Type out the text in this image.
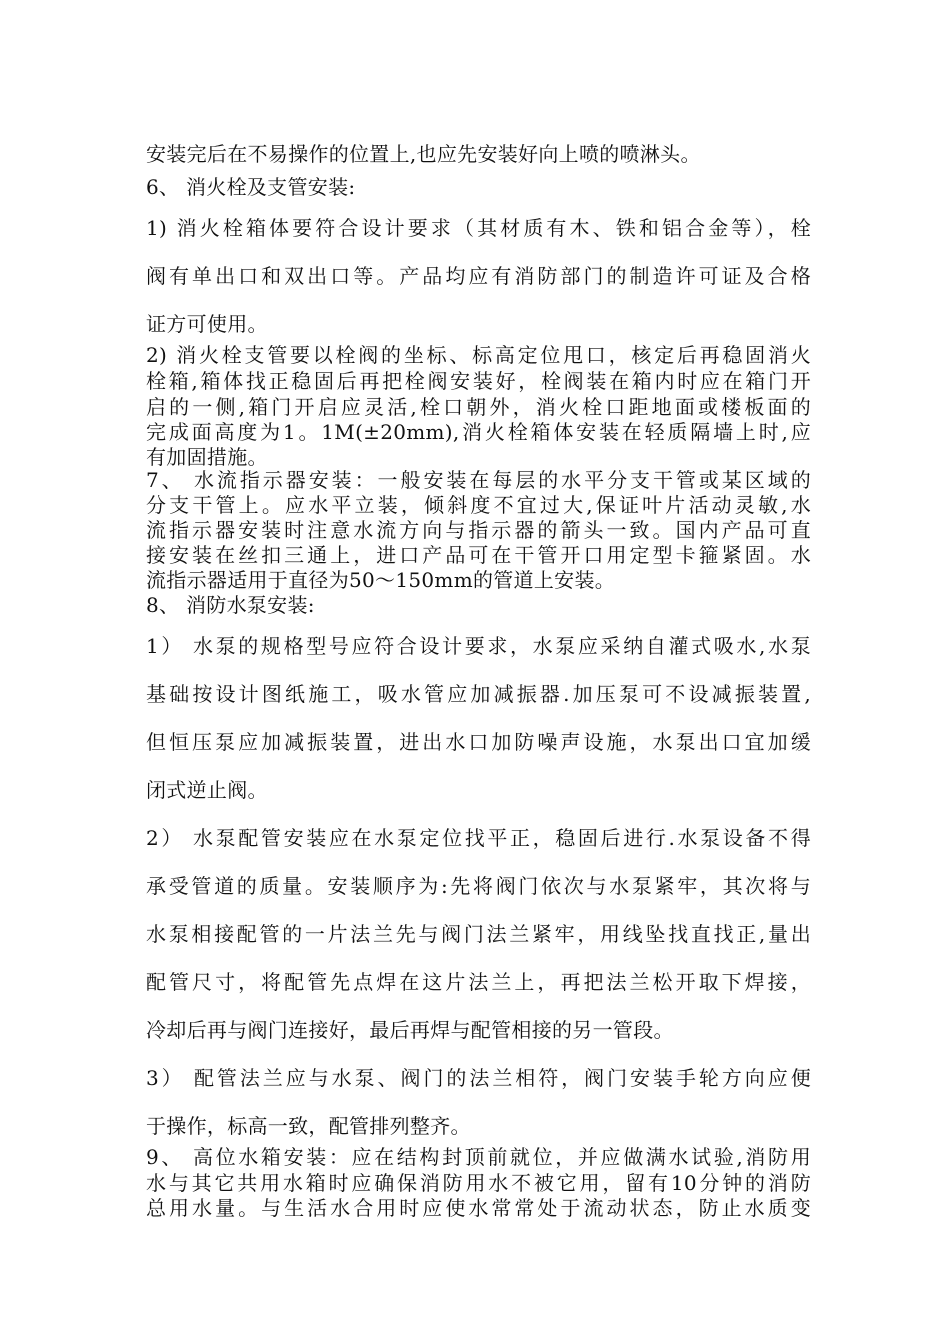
安装完后在不易操作的位置上,也应先安装好向上喷的喷淋头。
6、 消火栓及支管安装:
1) 消火栓箱体要符合设计要求（其材质有木、铁和铝合金等），栓
阀有单出口和双出口等。产品均应有消防部门的制造许可证及合格
证方可使用。
2) 消火栓支管要以栓阀的坐标、标高定位甩口，核定后再稳固消火
栓箱,箱体找正稳固后再把栓阀安装好，栓阀装在箱内时应在箱门开
启的一侧,箱门开启应灵活,栓口朝外，消火栓口距地面或楼板面的
完成面高度为1。1M(±20mm),消火栓箱体安装在轻质隔墙上时,应
有加固措施。
7、 水流指示器安装：一般安装在每层的水平分支干管或某区域的
分支干管上。应水平立装，倾斜度不宜过大,保证叶片活动灵敏,水
流指示器安装时注意水流方向与指示器的箭头一致。国内产品可直
接安装在丝扣三通上，进口产品可在干管开口用定型卡箍紧固。水
流指示器适用于直径为50～150mm的管道上安装。
8、 消防水泵安装:
1） 水泵的规格型号应符合设计要求，水泵应采纳自灌式吸水,水泵
基础按设计图纸施工，吸水管应加减振器.加压泵可不设减振装置,
但恒压泵应加减振装置，进出水口加防噪声设施，水泵出口宜加缓
闭式逆止阀。
2） 水泵配管安装应在水泵定位找平正，稳固后进行.水泵设备不得
承受管道的质量。安装顺序为:先将阀门依次与水泵紧牢，其次将与
水泵相接配管的一片法兰先与阀门法兰紧牢，用线坠找直找正,量出
配管尺寸，将配管先点焊在这片法兰上，再把法兰松开取下焊接，
冷却后再与阀门连接好，最后再焊与配管相接的另一管段。
3） 配管法兰应与水泵、阀门的法兰相符，阀门安装手轮方向应便
于操作，标高一致，配管排列整齐。
9、 高位水箱安装：应在结构封顶前就位，并应做满水试验,消防用
水与其它共用水箱时应确保消防用水不被它用，留有10分钟的消防
总用水量。与生活水合用时应使水常常处于流动状态，防止水质变
